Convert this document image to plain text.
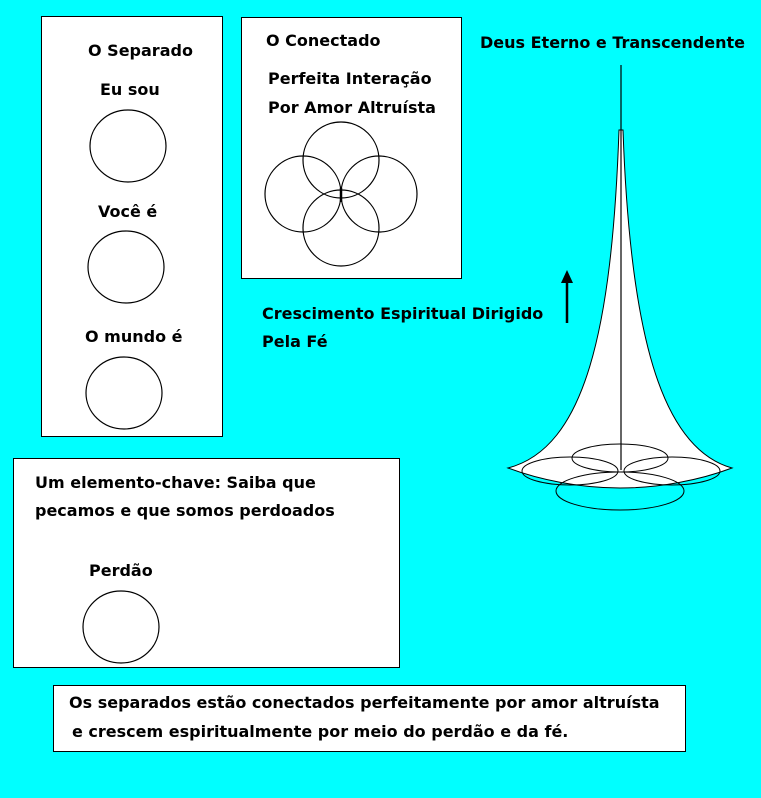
O Separado
Eu sou
Você é
O mundo é
O Conectado
Perfeita Interação
Por Amor Altruísta
Deus Eterno e Transcendente
Crescimento Espiritual Dirigido
Pela Fé
Um elemento-chave: Saiba que
pecamos e que somos perdoados
Perdão
Os separados estão conectados perfeitamente por amor altruísta
e crescem espiritualmente por meio do perdão e da fé.
